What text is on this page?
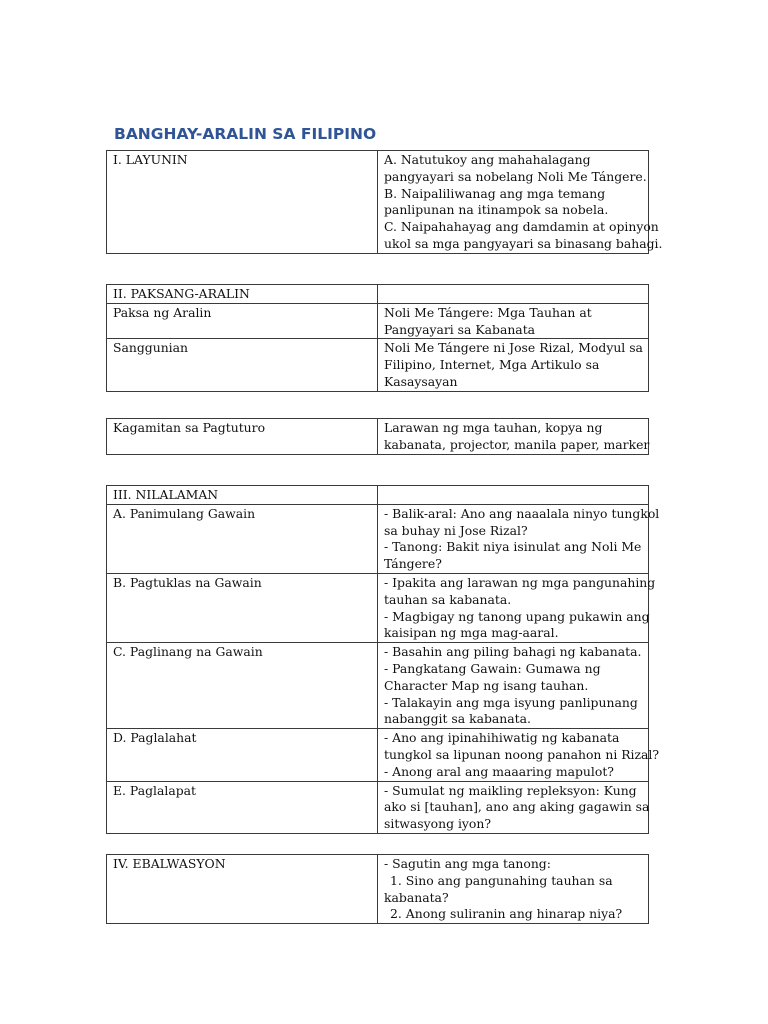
BANGHAY-ARALIN SA FILIPINO
I. LAYUNIN	A. Natutukoy ang mahahalagang
pangyayari sa nobelang Noli Me Tángere.
B. Naipaliliwanag ang mga temang
panlipunan na itinampok sa nobela.
C. Naipahahayag ang damdamin at opinyon
ukol sa mga pangyayari sa binasang bahagi.
II. PAKSANG-ARALIN	
Paksa ng Aralin	Noli Me Tángere: Mga Tauhan at
Pangyayari sa Kabanata

Sanggunian	Noli Me Tángere ni Jose Rizal, Modyul sa
Filipino, Internet, Mga Artikulo sa
Kasaysayan
Kagamitan sa Pagtuturo	Larawan ng mga tauhan, kopya ng
kabanata, projector, manila paper, marker
III. NILALAMAN	
A. Panimulang Gawain	- Balik-aral: Ano ang naaalala ninyo tungkol
sa buhay ni Jose Rizal?
- Tanong: Bakit niya isinulat ang Noli Me
Tángere?

B. Pagtuklas na Gawain	- Ipakita ang larawan ng mga pangunahing
tauhan sa kabanata.
- Magbigay ng tanong upang pukawin ang
kaisipan ng mga mag-aaral.

C. Paglinang na Gawain	- Basahin ang piling bahagi ng kabanata.
- Pangkatang Gawain: Gumawa ng
Character Map ng isang tauhan.
- Talakayin ang mga isyung panlipunang
nabanggit sa kabanata.

D. Paglalahat	- Ano ang ipinahihiwatig ng kabanata
tungkol sa lipunan noong panahon ni Rizal?
- Anong aral ang maaaring mapulot?

E. Paglalapat	- Sumulat ng maikling repleksyon: Kung
ako si [tauhan], ano ang aking gagawin sa
sitwasyong iyon?
IV. EBALWASYON	- Sagutin ang mga tanong:
1. Sino ang pangunahing tauhan sa
kabanata?
2. Anong suliranin ang hinarap niya?
